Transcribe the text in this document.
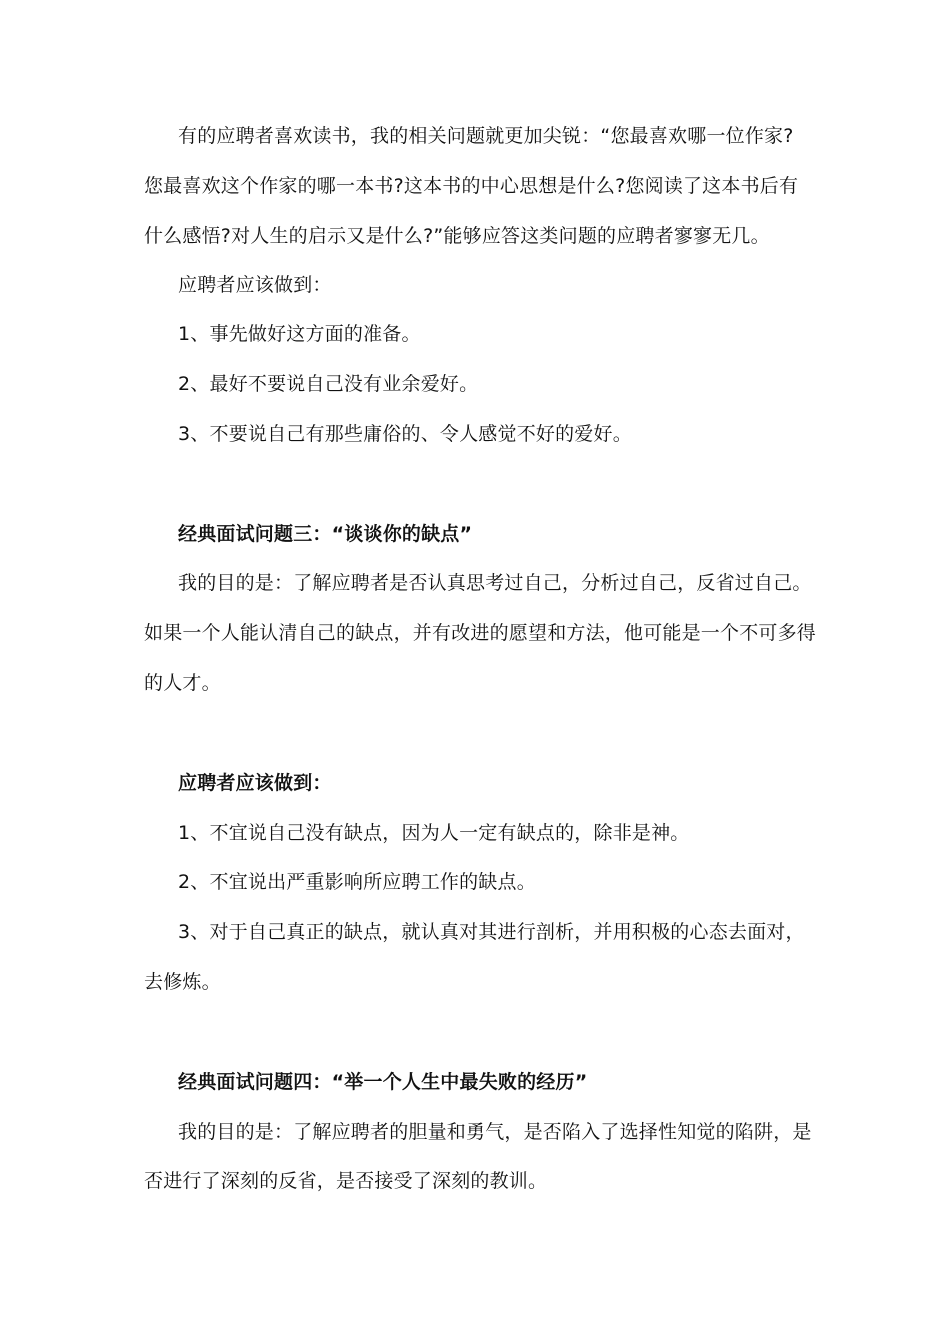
有的应聘者喜欢读书，我的相关问题就更加尖锐：“您最喜欢哪一位作家?
您最喜欢这个作家的哪一本书?这本书的中心思想是什么?您阅读了这本书后有
什么感悟?对人生的启示又是什么?”能够应答这类问题的应聘者寥寥无几。
应聘者应该做到：
1、事先做好这方面的准备。
2、最好不要说自己没有业余爱好。
3、不要说自己有那些庸俗的、令人感觉不好的爱好。
经典面试问题三：“谈谈你的缺点”
我的目的是：了解应聘者是否认真思考过自己，分析过自己，反省过自己。
如果一个人能认清自己的缺点，并有改进的愿望和方法，他可能是一个不可多得
的人才。
应聘者应该做到：
1、不宜说自己没有缺点，因为人一定有缺点的，除非是神。
2、不宜说出严重影响所应聘工作的缺点。
3、对于自己真正的缺点，就认真对其进行剖析，并用积极的心态去面对，
去修炼。
经典面试问题四：“举一个人生中最失败的经历”
我的目的是：了解应聘者的胆量和勇气，是否陷入了选择性知觉的陷阱，是
否进行了深刻的反省，是否接受了深刻的教训。
